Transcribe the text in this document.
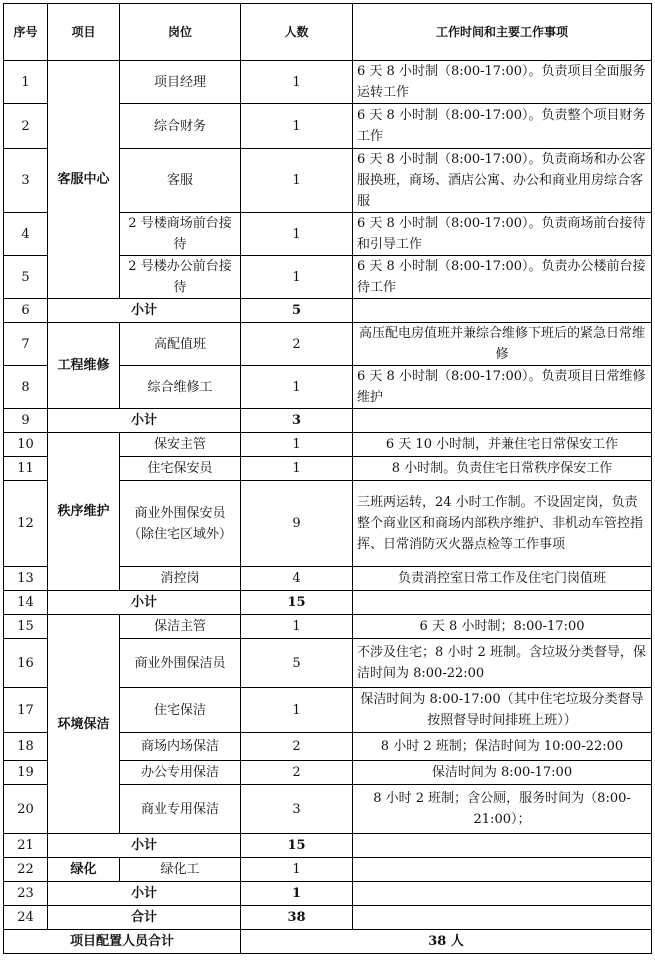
序号	项目	岗位	人数	工作时间和主要工作事项
1	客服中心	项目经理	1	6 天 8 小时制（8:00-17:00）。负责项目全面服务运转工作
2		综合财务	1	6 天 8 小时制（8:00-17:00）。负责整个项目财务工作
3		客服	1	6 天 8 小时制（8:00-17:00）。负责商场和办公客服换班，商场、酒店公寓、办公和商业用房综合客服
4		2 号楼商场前台接待	1	6 天 8 小时制（8:00-17:00）。负责商场前台接待和引导工作
5		2 号楼办公前台接待	1	6 天 8 小时制（8:00-17:00）。负责办公楼前台接待工作
6	小计		5	
7	工程维修	高配值班	2	高压配电房值班并兼综合维修下班后的紧急日常维修
8		综合维修工	1	6 天 8 小时制（8:00-17:00）。负责项目日常维修维护
9	小计		3	
10	秩序维护	保安主管	1	6 天 10 小时制，并兼住宅日常保安工作
11		住宅保安员	1	8 小时制。负责住宅日常秩序保安工作
12		商业外围保安员（除住宅区域外）	9	三班两运转，24 小时工作制。不设固定岗，负责整个商业区和商场内部秩序维护、非机动车管控指挥、日常消防灭火器点检等工作事项
13		消控岗	4	负责消控室日常工作及住宅门岗值班
14	小计		15	
15	环境保洁	保洁主管	1	6 天 8 小时制；8:00-17:00
16		商业外围保洁员	5	不涉及住宅；8 小时 2 班制。含垃圾分类督导，保洁时间为 8:00-22:00
17		住宅保洁	1	保洁时间为 8:00-17:00（其中住宅垃圾分类督导按照督导时间排班上班））
18		商场内场保洁	2	8 小时 2 班制；保洁时间为 10:00-22:00
19		办公专用保洁	2	保洁时间为 8:00-17:00
20		商业专用保洁	3	8 小时 2 班制；含公厕，服务时间为（8:00-21:00）；
21	小计		15	
22	绿化	绿化工	1	
23	小计		1	
24	合计		38	
项目配置人员合计			38 人	
